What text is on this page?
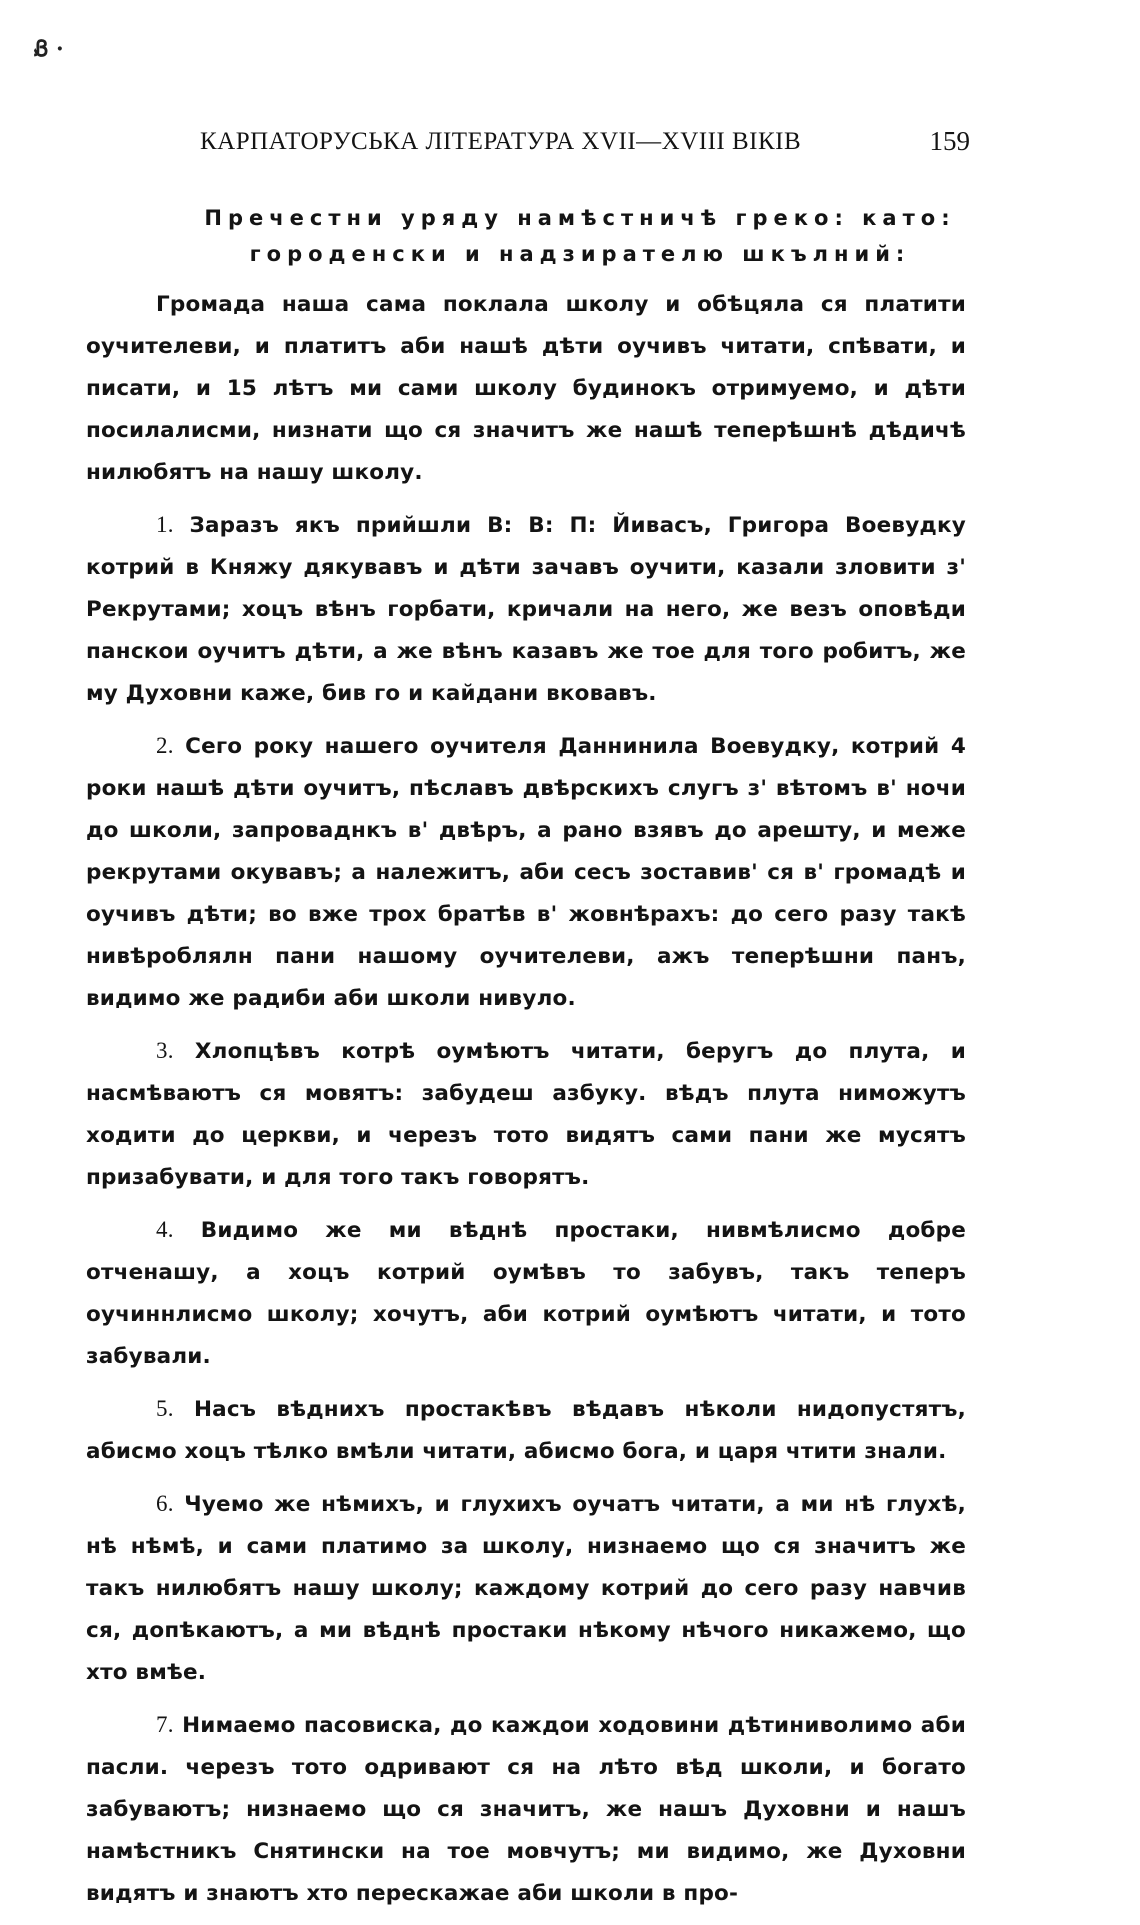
Ᏸ ·
КАРПАТОРУСЬКА ЛІТЕРАТУРА XVII—XVIII ВІКІВ	159
Пречестни уряду намѣстничѣ греко: като: городенски и надзирателю шкълний:

Громада наша сама поклала школу и обѣцяла ся платити оучителеви, и платитъ аби нашѣ дѣти оучивъ читати, спѣвати, и писати, и 15 лѣтъ ми сами школу будинокъ отримуемо, и дѣти посилалисми, низнати що ся значитъ же нашѣ теперѣшнѣ дѣдичѣ нилюбятъ на нашу школу.

1. Заразъ якъ прийшли В: В: П: Йивасъ, Григора Воевудку котрий в Княжу дякувавъ и дѣти зачавъ оучити, казали зловити з' Рекрутами; хоцъ вѣнъ горбати, кричали на него, же везъ оповѣди панскои оучитъ дѣти, а же вѣнъ казавъ же тое для того робитъ, же му Духовни каже, бив го и кайдани вковавъ.

2. Сего року нашего оучителя Даннинила Воевудку, котрий 4 роки нашѣ дѣти оучитъ, пѣславъ двѣрскихъ слугъ з' вѣтомъ в' ночи до школи, запроваднкъ в' двѣръ, а рано взявъ до арешту, и меже рекрутами окувавъ; а належитъ, аби сесъ зоставив' ся в' громадѣ и оучивъ дѣти; во вже трох братѣв в' жовнѣрахъ: до сего разу такѣ нивѣроблялн пани нашому оучителеви, ажъ теперѣшни панъ, видимо же радиби аби школи нивуло.

3. Хлопцѣвъ котрѣ оумѣютъ читати, беругъ до плута, и насмѣваютъ ся мовятъ: забудеш азбуку. вѣдъ плута ниможутъ ходити до церкви, и черезъ тото видятъ сами пани же мусятъ призабувати, и для того такъ говорятъ.

4. Видимо же ми вѣднѣ простаки, нивмѣлисмо добре отченашу, а хоцъ котрий оумѣвъ то забувъ, такъ теперъ оучиннлисмо школу; хочутъ, аби котрий оумѣютъ читати, и тото забували.

5. Насъ вѣднихъ простакѣвъ вѣдавъ нѣколи нидопустятъ, абисмо хоцъ тѣлко вмѣли читати, абисмо бога, и царя чтити знали.

6. Чуемо же нѣмихъ, и глухихъ оучатъ читати, а ми нѣ глухѣ, нѣ нѣмѣ, и сами платимо за школу, низнаемо що ся значитъ же такъ нилюбятъ нашу школу; каждому котрий до сего разу навчив ся, допѣкаютъ, а ми вѣднѣ простаки нѣкому нѣчого никажемо, що хто вмѣе.

7. Нимаемо пасовиска, до каждои ходовини дѣтиниволимо аби пасли. черезъ тото одривают ся на лѣто вѣд школи, и богато забуваютъ; низнаемо що ся значитъ, же нашъ Духовни и нашъ намѣстникъ Снятински на тое мовчутъ; ми видимо, же Духовни видятъ и знаютъ хто перескажае аби школи в про-
